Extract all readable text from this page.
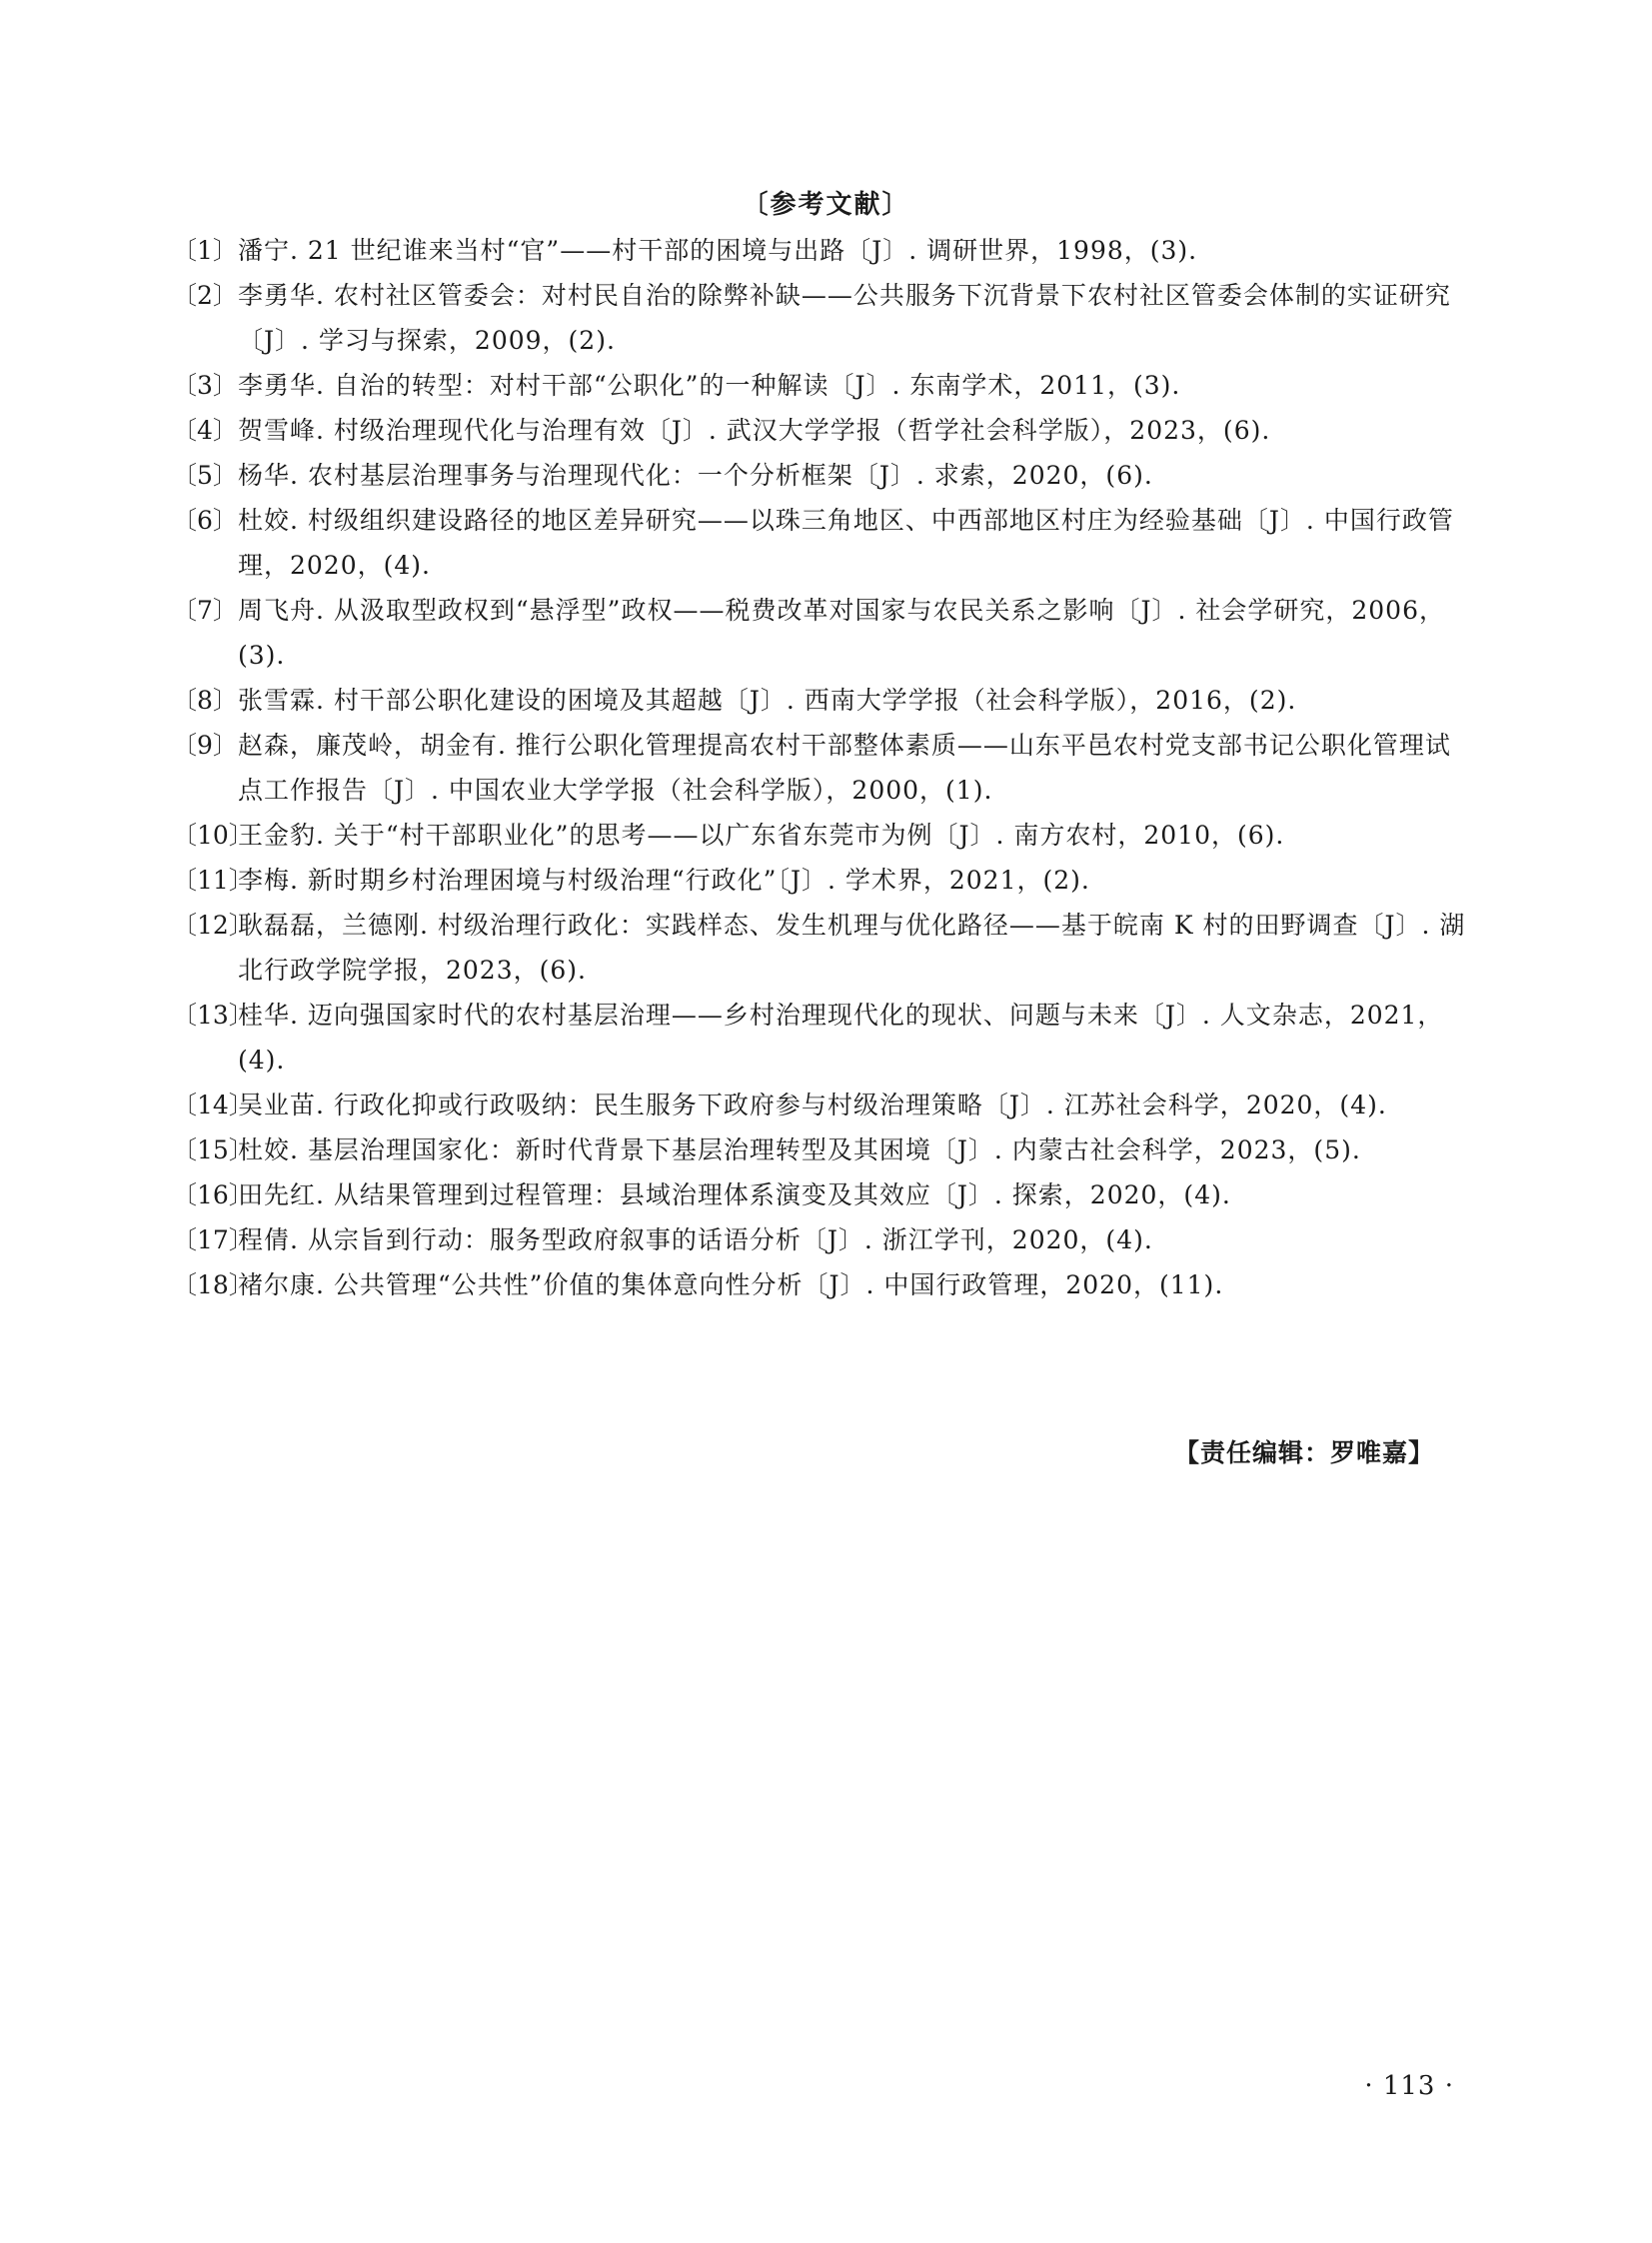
〔参考文献〕
〔1〕 潘宁. 21 世纪谁来当村“官”——村干部的困境与出路〔J〕. 调研世界，1998，(3).
〔2〕 李勇华. 农村社区管委会：对村民自治的除弊补缺——公共服务下沉背景下农村社区管委会体制的实证研究〔J〕. 学习与探索，2009，(2).
〔3〕 李勇华. 自治的转型：对村干部“公职化”的一种解读〔J〕. 东南学术，2011，(3).
〔4〕 贺雪峰. 村级治理现代化与治理有效〔J〕. 武汉大学学报（哲学社会科学版），2023，(6).
〔5〕 杨华. 农村基层治理事务与治理现代化：一个分析框架〔J〕. 求索，2020，(6).
〔6〕 杜姣. 村级组织建设路径的地区差异研究——以珠三角地区、中西部地区村庄为经验基础〔J〕. 中国行政管理，2020，(4).
〔7〕 周飞舟. 从汲取型政权到“悬浮型”政权——税费改革对国家与农民关系之影响〔J〕. 社会学研究，2006，(3).
〔8〕 张雪霖. 村干部公职化建设的困境及其超越〔J〕. 西南大学学报（社会科学版），2016，(2).
〔9〕 赵森，廉茂岭，胡金有. 推行公职化管理提高农村干部整体素质——山东平邑农村党支部书记公职化管理试点工作报告〔J〕. 中国农业大学学报（社会科学版），2000，(1).
〔10〕
王金豹. 关于“村干部职业化”的思考——以广东省东莞市为例〔J〕. 南方农村，2010，(6).
〔11〕
李梅. 新时期乡村治理困境与村级治理“行政化”〔J〕. 学术界，2021，(2).
〔12〕
耿磊磊，兰德刚. 村级治理行政化：实践样态、发生机理与优化路径——基于皖南 K 村的田野调查〔J〕. 湖北行政学院学报，2023，(6).
〔13〕
桂华. 迈向强国家时代的农村基层治理——乡村治理现代化的现状、问题与未来〔J〕. 人文杂志，2021，(4).
〔14〕
吴业苗. 行政化抑或行政吸纳：民生服务下政府参与村级治理策略〔J〕. 江苏社会科学，2020，(4).
〔15〕
杜姣. 基层治理国家化：新时代背景下基层治理转型及其困境〔J〕. 内蒙古社会科学，2023，(5).
〔16〕
田先红. 从结果管理到过程管理：县域治理体系演变及其效应〔J〕. 探索，2020，(4).
〔17〕
程倩. 从宗旨到行动：服务型政府叙事的话语分析〔J〕. 浙江学刊，2020，(4).
〔18〕
褚尔康. 公共管理“公共性”价值的集体意向性分析〔J〕. 中国行政管理，2020，(11).
【责任编辑：罗唯嘉】
· 113 ·
